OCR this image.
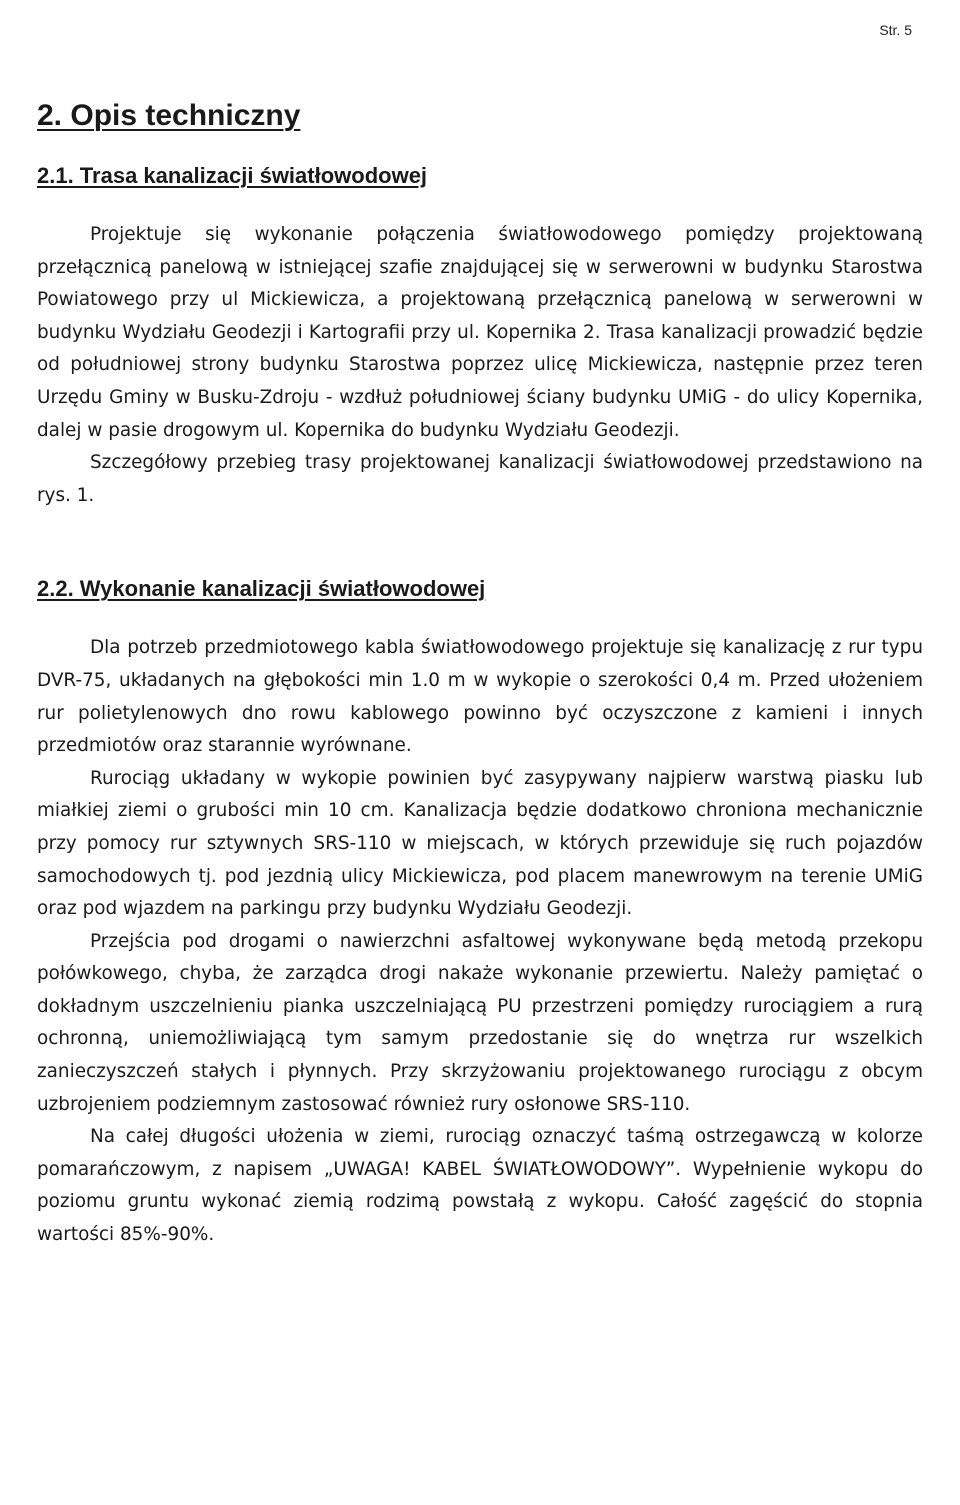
Str. 5
2. Opis techniczny
2.1. Trasa kanalizacji światłowodowej

Projektuje się wykonanie połączenia światłowodowego pomiędzy projektowaną przełącznicą panelową w istniejącej szafie znajdującej się w serwerowni w budynku Starostwa Powiatowego przy ul Mickiewicza, a projektowaną przełącznicą panelową w serwerowni w budynku Wydziału Geodezji i Kartografii przy ul. Kopernika 2. Trasa kanalizacji prowadzić będzie od południowej strony budynku Starostwa poprzez ulicę Mickiewicza, następnie przez teren Urzędu Gminy w Busku-Zdroju - wzdłuż południowej ściany budynku UMiG - do ulicy Kopernika, dalej w pasie drogowym ul. Kopernika do budynku Wydziału Geodezji.

Szczegółowy przebieg trasy projektowanej kanalizacji światłowodowej przedstawiono na rys. 1.

2.2. Wykonanie kanalizacji światłowodowej

Dla potrzeb przedmiotowego kabla światłowodowego projektuje się kanalizację z rur typu DVR-75, układanych na głębokości min 1.0 m w wykopie o szerokości 0,4 m. Przed ułożeniem rur polietylenowych dno rowu kablowego powinno być oczyszczone z kamieni i innych przedmiotów oraz starannie wyrównane.

Rurociąg układany w wykopie powinien być zasypywany najpierw warstwą piasku lub miałkiej ziemi o grubości min 10 cm. Kanalizacja będzie dodatkowo chroniona mechanicznie przy pomocy rur sztywnych SRS-110 w miejscach, w których przewiduje się ruch pojazdów samochodowych tj. pod jezdnią ulicy Mickiewicza, pod placem manewrowym na terenie UMiG oraz pod wjazdem na parkingu przy budynku Wydziału Geodezji.

Przejścia pod drogami o nawierzchni asfaltowej wykonywane będą metodą przekopu połówkowego, chyba, że zarządca drogi nakaże wykonanie przewiertu. Należy pamiętać o dokładnym uszczelnieniu pianka uszczelniającą PU przestrzeni pomiędzy rurociągiem a rurą ochronną, uniemożliwiającą tym samym przedostanie się do wnętrza rur wszelkich zanieczyszczeń stałych i płynnych. Przy skrzyżowaniu projektowanego rurociągu z obcym uzbrojeniem podziemnym zastosować również rury osłonowe SRS-110.

Na całej długości ułożenia w ziemi, rurociąg oznaczyć taśmą ostrzegawczą w kolorze pomarańczowym, z napisem „UWAGA! KABEL ŚWIATŁOWODOWY”. Wypełnienie wykopu do poziomu gruntu wykonać ziemią rodzimą powstałą z wykopu. Całość zagęścić do stopnia wartości 85%-90%.
